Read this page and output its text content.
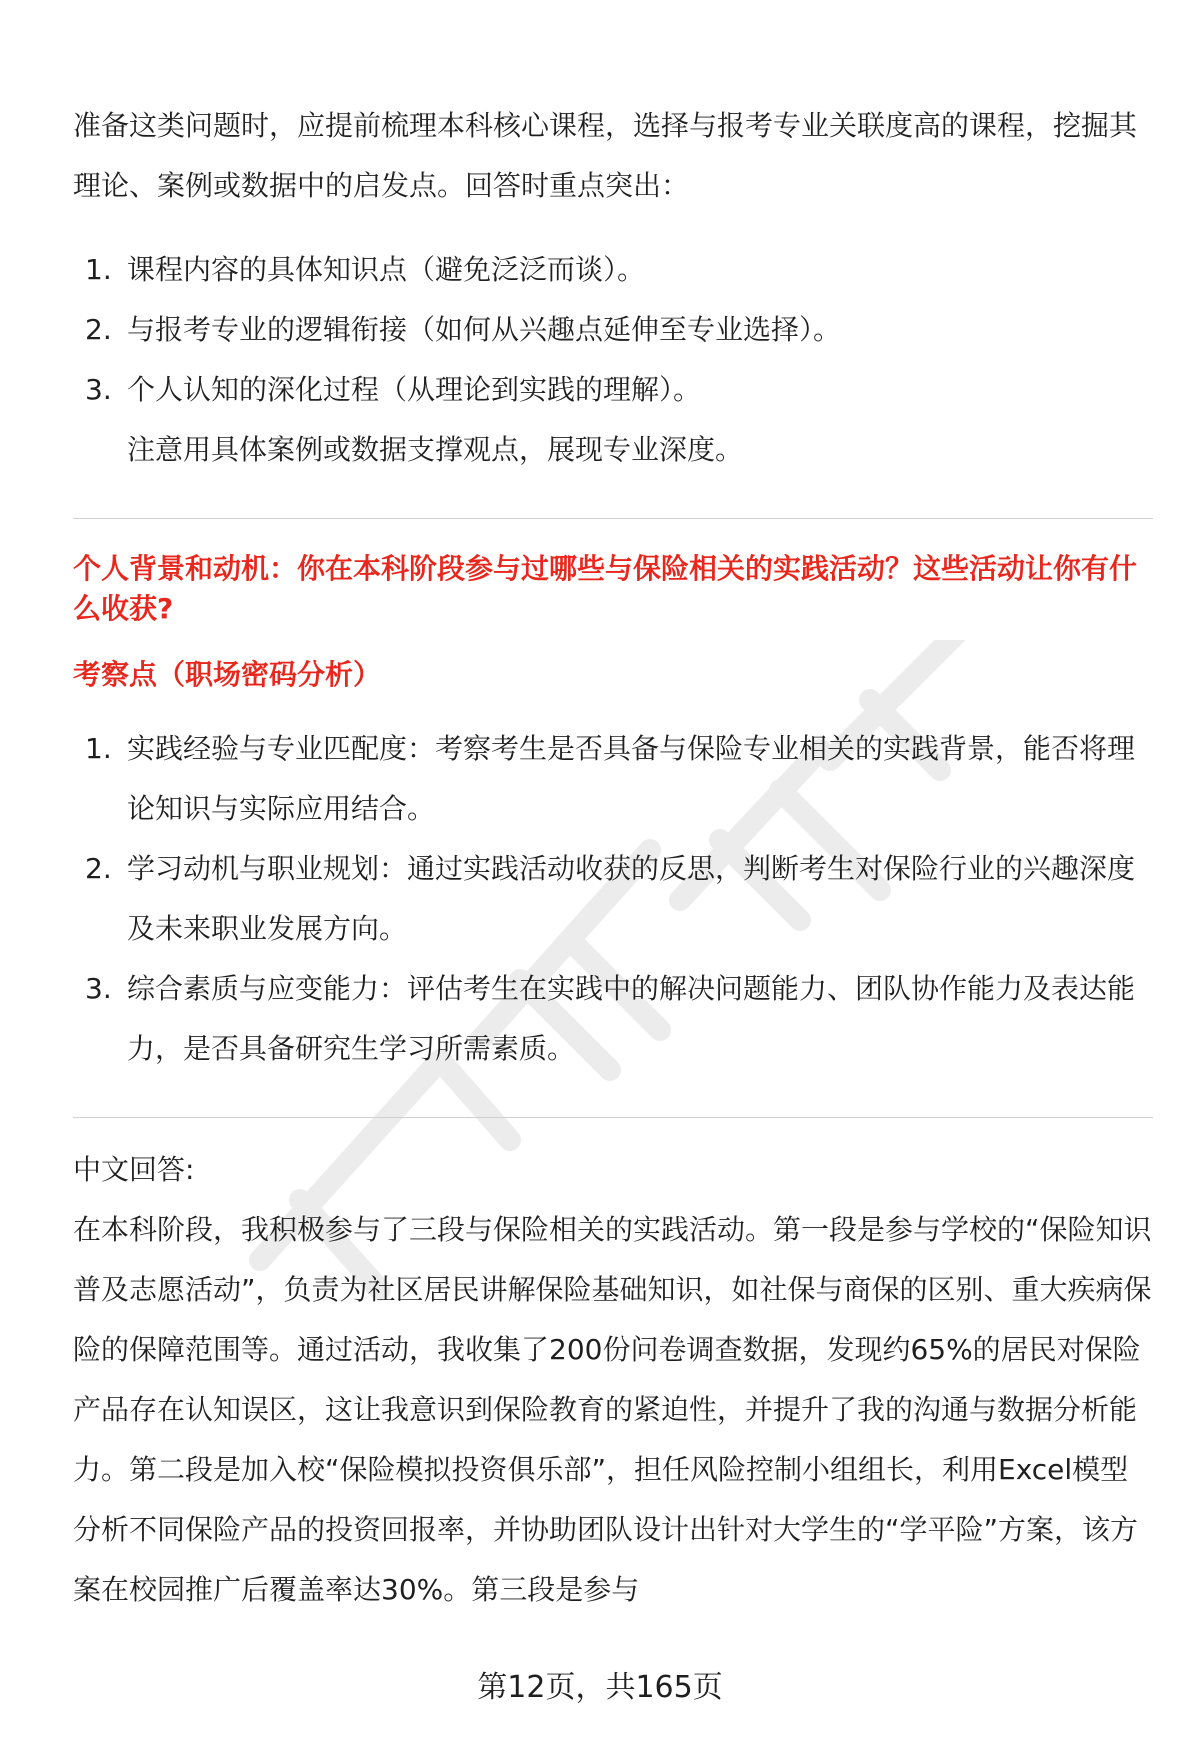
准备这类问题时，应提前梳理本科核心课程，选择与报考专业关联度高的课程，挖掘其理论、案例或数据中的启发点。回答时重点突出：

1. 课程内容的具体知识点（避免泛泛而谈）。
2. 与报考专业的逻辑衔接（如何从兴趣点延伸至专业选择）。
3. 个人认知的深化过程（从理论到实践的理解）。
注意用具体案例或数据支撑观点，展现专业深度。

个人背景和动机：你在本科阶段参与过哪些与保险相关的实践活动？这些活动让你有什么收获?

考察点（职场密码分析）

1. 实践经验与专业匹配度：考察考生是否具备与保险专业相关的实践背景，能否将理论知识与实际应用结合。
2. 学习动机与职业规划：通过实践活动收获的反思，判断考生对保险行业的兴趣深度及未来职业发展方向。
3. 综合素质与应变能力：评估考生在实践中的解决问题能力、团队协作能力及表达能力，是否具备研究生学习所需素质。

中文回答:

在本科阶段，我积极参与了三段与保险相关的实践活动。第一段是参与学校的“保险知识普及志愿活动”，负责为社区居民讲解保险基础知识，如社保与商保的区别、重大疾病保险的保障范围等。通过活动，我收集了200份问卷调查数据，发现约65%的居民对保险产品存在认知误区，这让我意识到保险教育的紧迫性，并提升了我的沟通与数据分析能力。第二段是加入校“保险模拟投资俱乐部”，担任风险控制小组组长，利用Excel模型分析不同保险产品的投资回报率，并协助团队设计出针对大学生的“学平险”方案，该方案在校园推广后覆盖率达30%。第三段是参与

第12页，共165页
